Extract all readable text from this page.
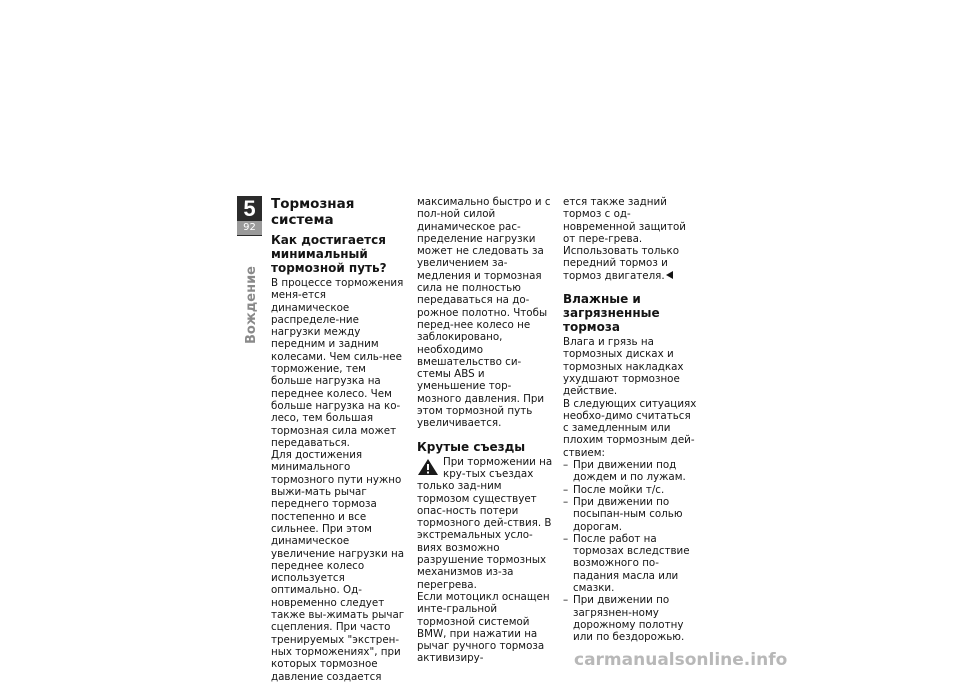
5
92
Вождение
Тормозная система
Как достигается минимальный тормозной путь?

В процессе торможения меня-ется динамическое распределе-ние нагрузки между передним и задним колесами. Чем силь-нее торможение, тем больше нагрузка на переднее колесо. Чем больше нагрузка на ко-лесо, тем большая тормозная сила может передаваться.

Для достижения минимального тормозного пути нужно выжи-мать рычаг переднего тормоза постепенно и все сильнее. При этом динамическое увеличение нагрузки на переднее колесо используется оптимально. Од-новременно следует также вы-жимать рычаг сцепления. При часто тренируемых "экстрен-ных торможениях", при которых тормозное давление создается

максимально быстро и с пол-ной силой динамическое рас-пределение нагрузки может не следовать за увеличением за-медления и тормозная сила не полностью передаваться на до-рожное полотно. Чтобы перед-нее колесо не заблокировано, необходимо вмешательство си-стемы ABS и уменьшение тор-мозного давления. При этом тормозной путь увеличивается.

Крутые съезды

При торможении на кру-тых съездах только зад-ним тормозом существует опас-ность потери тормозного дей-ствия. В экстремальных усло-виях возможно разрушение тормозных механизмов из-за перегрева.

Если мотоцикл оснащен инте-гральной тормозной системой BMW, при нажатии на рычаг ручного тормоза активизиру-

ется также задний тормоз с од-новременной защитой от пере-грева. Использовать только передний тормоз и тормоз двигателя.

Влажные и загрязненные тормоза

Влага и грязь на тормозных дисках и тормозных накладках ухудшают тормозное действие.

В следующих ситуациях необхо-димо считаться с замедленным или плохим тормозным дей-ствием:

– При движении под дождем и по лужам.
– После мойки т/с.
– При движении по посыпан-ным солью дорогам.
– После работ на тормозах вследствие возможного по-падания масла или смазки.
– При движении по загрязнен-ному дорожному полотну или по бездорожью.
carmanualsonline.info
